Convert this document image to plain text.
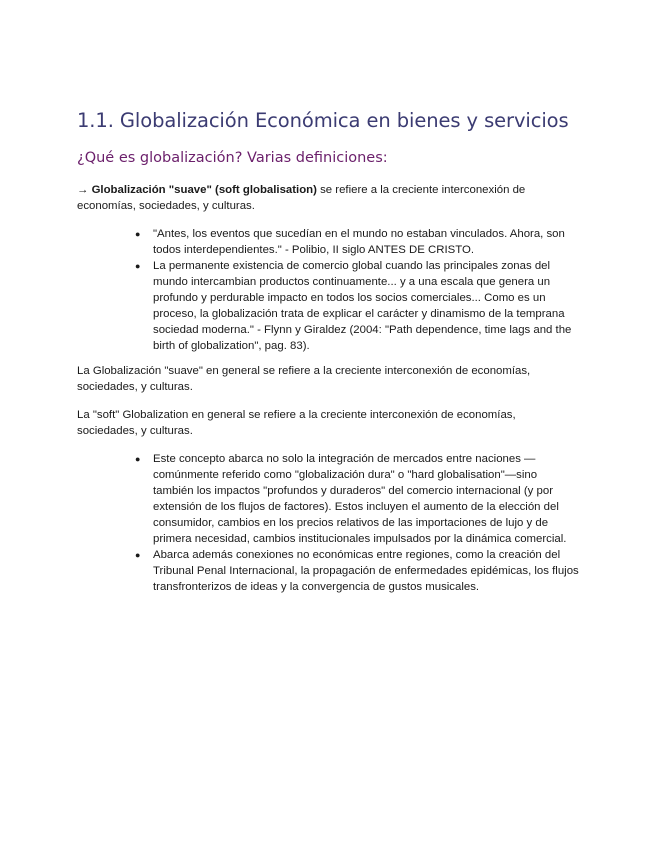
1.1. Globalización Económica en bienes y servicios
¿Qué es globalización? Varias definiciones:

→ Globalización "suave" (soft globalisation) se refiere a la creciente interconexión de economías, sociedades, y culturas.

● "Antes, los eventos que sucedían en el mundo no estaban vinculados. Ahora, son todos interdependientes." - Polibio, II siglo ANTES DE CRISTO.
● La permanente existencia de comercio global cuando las principales zonas del mundo intercambian productos continuamente... y a una escala que genera un profundo y perdurable impacto en todos los socios comerciales... Como es un proceso, la globalización trata de explicar el carácter y dinamismo de la temprana sociedad moderna." - Flynn y Giraldez (2004: "Path dependence, time lags and the birth of globalization", pag. 83).

La Globalización "suave" en general se refiere a la creciente interconexión de economías, sociedades, y culturas.

La "soft" Globalization en general se refiere a la creciente interconexión de economías, sociedades, y culturas.

● Este concepto abarca no solo la integración de mercados entre naciones —comúnmente referido como "globalización dura" o "hard globalisation"—sino también los impactos "profundos y duraderos" del comercio internacional (y por extensión de los flujos de factores). Estos incluyen el aumento de la elección del consumidor, cambios en los precios relativos de las importaciones de lujo y de primera necesidad, cambios institucionales impulsados por la dinámica comercial.
● Abarca además conexiones no económicas entre regiones, como la creación del Tribunal Penal Internacional, la propagación de enfermedades epidémicas, los flujos transfronterizos de ideas y la convergencia de gustos musicales.
